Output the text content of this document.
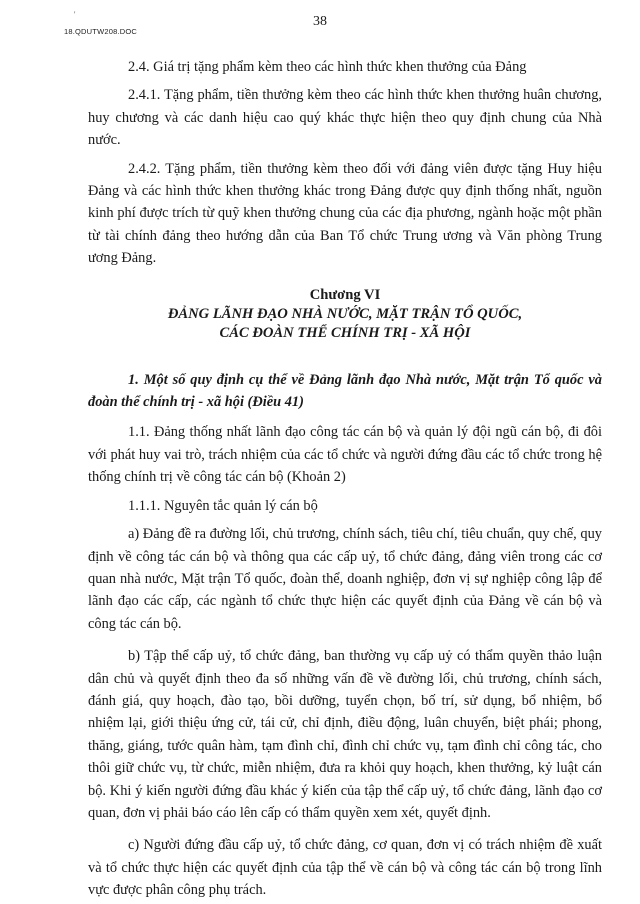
'
18.QDUTW208.DOC
38

2.4. Giá trị tặng phẩm kèm theo các hình thức khen thưởng của Đảng

2.4.1. Tặng phẩm, tiền thưởng kèm theo các hình thức khen thưởng huân chương, huy chương và các danh hiệu cao quý khác thực hiện theo quy định chung của Nhà nước.

2.4.2. Tặng phẩm, tiền thưởng kèm theo đối với đảng viên được tặng Huy hiệu Đảng và các hình thức khen thưởng khác trong Đảng được quy định thống nhất, nguồn kinh phí được trích từ quỹ khen thưởng chung của các địa phương, ngành hoặc một phần từ tài chính đảng theo hướng dẫn của Ban Tổ chức Trung ương và Văn phòng Trung ương Đảng.

Chương VI

ĐẢNG LÃNH ĐẠO NHÀ NƯỚC, MẶT TRẬN TỔ QUỐC,

CÁC ĐOÀN THỂ CHÍNH TRỊ - XÃ HỘI

1. Một số quy định cụ thể về Đảng lãnh đạo Nhà nước, Mặt trận Tổ quốc và đoàn thể chính trị - xã hội (Điều 41)

1.1. Đảng thống nhất lãnh đạo công tác cán bộ và quản lý đội ngũ cán bộ, đi đôi với phát huy vai trò, trách nhiệm của các tổ chức và người đứng đầu các tổ chức trong hệ thống chính trị về công tác cán bộ (Khoản 2)

1.1.1. Nguyên tắc quản lý cán bộ

a) Đảng đề ra đường lối, chủ trương, chính sách, tiêu chí, tiêu chuẩn, quy chế, quy định về công tác cán bộ và thông qua các cấp uỷ, tổ chức đảng, đảng viên trong các cơ quan nhà nước, Mặt trận Tổ quốc, đoàn thể, doanh nghiệp, đơn vị sự nghiệp công lập để lãnh đạo các cấp, các ngành tổ chức thực hiện các quyết định của Đảng về cán bộ và công tác cán bộ.

b) Tập thể cấp uỷ, tổ chức đảng, ban thường vụ cấp uỷ có thẩm quyền thảo luận dân chủ và quyết định theo đa số những vấn đề về đường lối, chủ trương, chính sách, đánh giá, quy hoạch, đào tạo, bồi dưỡng, tuyển chọn, bố trí, sử dụng, bổ nhiệm, bổ nhiệm lại, giới thiệu ứng cử, tái cử, chỉ định, điều động, luân chuyển, biệt phái; phong, thăng, giáng, tước quân hàm, tạm đình chỉ, đình chỉ chức vụ, tạm đình chỉ công tác, cho thôi giữ chức vụ, từ chức, miễn nhiệm, đưa ra khỏi quy hoạch, khen thưởng, kỷ luật cán bộ. Khi ý kiến người đứng đầu khác ý kiến của tập thể cấp uỷ, tổ chức đảng, lãnh đạo cơ quan, đơn vị phải báo cáo lên cấp có thẩm quyền xem xét, quyết định.

c) Người đứng đầu cấp uỷ, tổ chức đảng, cơ quan, đơn vị có trách nhiệm đề xuất và tổ chức thực hiện các quyết định của tập thể về cán bộ và công tác cán bộ trong lĩnh vực được phân công phụ trách.
